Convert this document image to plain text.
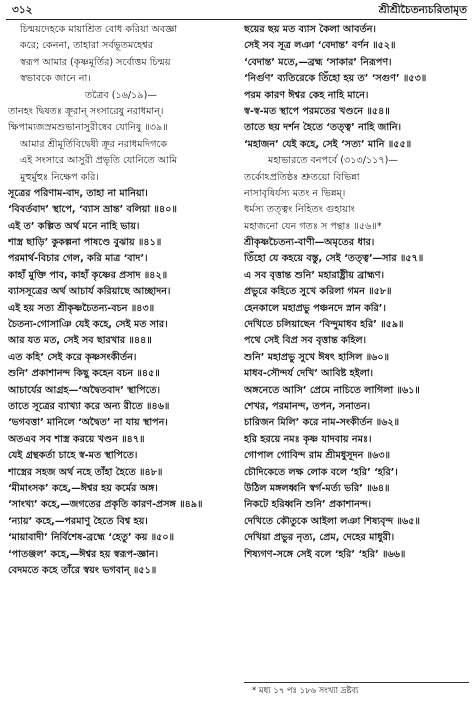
৩১২	শ্রীশ্রীচৈতন্যচরিতামৃত
চিন্ময়দেহকে মায়াশ্রিত বোধ করিয়া অবজ্ঞা
করে; কেননা, তাহারা সর্বভূতমহেশ্বর
স্বরূপ আমার (কৃষ্ণমূর্তির) সর্বোত্তম চিন্ময়
স্বভাবকে জানে না।
তত্রৈব (১৬/১৯)—
তানহং দ্বিষতঃ ক্রূরান্ সংসারেষু নরাধমান্।
ক্ষিপাম্যজস্রমশুভানাসুরীষ্বেব যোনিষু ॥৩৯॥
আমার শ্রীমূর্তিবিদ্বেষী ক্রূর নরাধমদিগকে
এই সংসারে আসুরী প্রভৃতি যোনিতে আমি
মুহুর্মুহুঃ নিক্ষেপ করি।
সূত্রের পরিণাম-বাদ, তাহা না মানিয়া।
‘বিবর্তবাদ’ স্থাপে, ‘ব্যাস ভ্রান্ত’ বলিয়া ॥৪০॥
এই ত’ কল্পিত অর্থ মনে নাহি ভায়।
শাস্ত্র ছাড়ি’ কুকল্পনা পাষণ্ডে বুঝায় ॥৪১॥
পরমার্থ-বিচার গেল, করি মাত্র ‘বাদ’।
কাহাঁ মুক্তি পাব, কাহাঁ কৃষ্ণের প্রসাদ ॥৪২॥
ব্যাসসূত্রের অর্থ আচার্য করিয়াছে আচ্ছাদন।
এই হয় সত্য শ্রীকৃষ্ণচৈতন্য-বচন ॥৪৩॥
চৈতন্য-গোসাঞি যেই কহে, সেই মত সার।
আর যত মত, সেই সব ছারখার ॥৪৪॥
এত কহি’ সেই করে কৃষ্ণসংকীর্তন।
শুনি’ প্রকাশানন্দ কিছু কহেন বচন ॥৪৫॥
আচার্যের আগ্রহ—‘অদ্বৈতবাদ’ স্থাপিতে।
তাতে সূত্রের ব্যাখ্যা করে অন্য রীতে ॥৪৬॥
‘ভগবত্তা’ মানিলে ‘অদ্বৈত’ না যায় স্থাপন।
অতএব সব শাস্ত্র করয়ে খণ্ডন ॥৪৭॥
যেই গ্রন্থকর্তা চাহে স্ব-মত স্থাপিতে।
শাস্ত্রের সহজ অর্থ নহে তাঁহা হৈতে ॥৪৮॥
‘মীমাংসক’ কহে,—ঈশ্বর হয় কর্মের অঙ্গ।
‘সাংখ্য’ কহে,—জগতের প্রকৃতি কারণ-প্রসঙ্গ ॥৪৯॥
‘ন্যায়’ কহে,—পরমাণু হৈতে বিশ্ব হয়।
‘মায়াবাদী’ নির্বিশেষ-ব্রহ্মে ‘হেতু’ কয় ॥৫০॥
‘পাতঞ্জল’ কহে,—ঈশ্বর হয় স্বরূপ-জ্ঞান।
বেদমতে কহে তাঁরে স্বয়ং ভগবান্ ॥৫১॥
ছয়ের ছয় মত ব্যাস কৈলা আবর্তন।
সেই সব সূত্র লঞা ‘বেদান্ত’ বর্ণন ॥৫২॥
‘বেদান্ত’ মতে,—ব্রহ্ম ‘সাকার’ নিরূপণ।
‘নির্গুণ’ ব্যতিরেকে তিঁহো হয় ত’ ‘সগুণ’ ॥৫৩॥
পরম কারণ ঈশ্বর কেহ নাহি মানে।
স্ব-স্ব-মত স্থাপে পরমতের খণ্ডনে ॥৫৪॥
তাতে ছয় দর্শন হৈতে ‘তত্ত্ব’ নাহি জানি।
‘মহাজন’ যেই কহে, সেই ‘সত্য’ মানি ॥৫৫॥
মহাভারতে বনপর্বে (৩১৩/১১৭)—
তর্কোঽপ্রতিষ্ঠঃ শ্রুতয়ো বিভিন্না
নাসাবৃষির্যস্য মতং ন ভিন্নম্।
ধর্মস্য তত্ত্বং নিহিতং গুহায়াং
মহাজনো যেন গতঃ স পন্থাঃ ॥৫৬॥*
শ্রীকৃষ্ণচৈতন্য-বাণী—অমৃতের ধার।
তিঁহো যে কহয়ে বস্তু, সেই ‘তত্ত্ব’—সার ॥৫৭॥
এ সব বৃত্তান্ত শুনি’ মহারাষ্ট্রীয় ব্রাহ্মণ।
প্রভুরে কহিতে সুখে করিলা গমন ॥৫৮॥
হেনকালে মহাপ্রভু পঞ্চনদে স্নান করি’।
দেখিতে চলিয়াছেন ‘বিন্দুমাধব হরি’ ॥৫৯॥
পথে সেই বিপ্র সব বৃত্তান্ত কহিল।
শুনি’ মহাপ্রভু সুখে ঈষৎ হাসিল ॥৬০॥
মাধব-সৌন্দর্য দেখি’ আবিষ্ট হইলা।
অঙ্গনেতে আসি’ প্রেমে নাচিতে লাগিলা ॥৬১॥
শেখর, পরমানন্দ, তপন, সনাতন।
চারিজন মিলি’ করে নাম-সংকীর্তন ॥৬২॥
হরি হরয়ে নমঃ কৃষ্ণ যাদবায় নমঃ।
গোপাল গোবিন্দ রাম শ্রীমধুসূদন ॥৬৩॥
চৌদিকেতে লক্ষ লোক বলে ‘হরি’ ‘হরি’।
উঠিল মঙ্গলধ্বনি স্বর্গ-মর্ত্য ভরি’ ॥৬৪॥
নিকটে হরিধ্বনি শুনি’ প্রকাশানন্দ।
দেখিতে কৌতুকে আইলা লঞা শিষ্যবৃন্দ ॥৬৫॥
দেখিয়া প্রভুর নৃত্য, প্রেম, দেহের মাধুরী।
শিষ্যগণ-সঙ্গে সেই বলে ‘হরি’ ‘হরি’ ॥৬৬॥
* মধ্য ১৭ পঃ ১৮৬ সংখ্যা দ্রষ্টব্য
